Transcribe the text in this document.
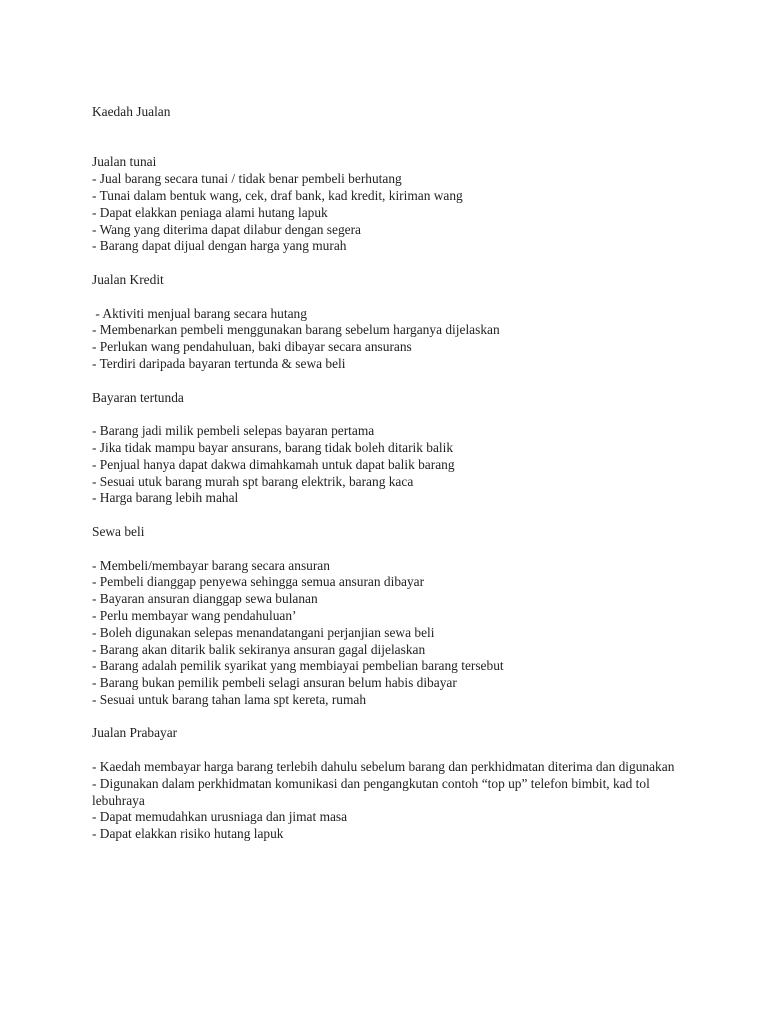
Kaedah Jualan
Jualan tunai
- Jual barang secara tunai / tidak benar pembeli berhutang
- Tunai dalam bentuk wang, cek, draf bank, kad kredit, kiriman wang
- Dapat elakkan peniaga alami hutang lapuk
- Wang yang diterima dapat dilabur dengan segera
- Barang dapat dijual dengan harga yang murah
Jualan Kredit
- Aktiviti menjual barang secara hutang
- Membenarkan pembeli menggunakan barang sebelum harganya dijelaskan
- Perlukan wang pendahuluan, baki dibayar secara ansurans
- Terdiri daripada bayaran tertunda & sewa beli
Bayaran tertunda
- Barang jadi milik pembeli selepas bayaran pertama
- Jika tidak mampu bayar ansurans, barang tidak boleh ditarik balik
- Penjual hanya dapat dakwa dimahkamah untuk dapat balik barang
- Sesuai utuk barang murah spt barang elektrik, barang kaca
- Harga barang lebih mahal
Sewa beli
- Membeli/membayar barang secara ansuran
- Pembeli dianggap penyewa sehingga semua ansuran dibayar
- Bayaran ansuran dianggap sewa bulanan
- Perlu membayar wang pendahuluan’
- Boleh digunakan selepas menandatangani perjanjian sewa beli
- Barang akan ditarik balik sekiranya ansuran gagal dijelaskan
- Barang adalah pemilik syarikat yang membiayai pembelian barang tersebut
- Barang bukan pemilik pembeli selagi ansuran belum habis dibayar
- Sesuai untuk barang tahan lama spt kereta, rumah
Jualan Prabayar
- Kaedah membayar harga barang terlebih dahulu sebelum barang dan perkhidmatan diterima dan digunakan
- Digunakan dalam perkhidmatan komunikasi dan pengangkutan contoh “top up” telefon bimbit, kad tol lebuhraya
- Dapat memudahkan urusniaga dan jimat masa
- Dapat elakkan risiko hutang lapuk
